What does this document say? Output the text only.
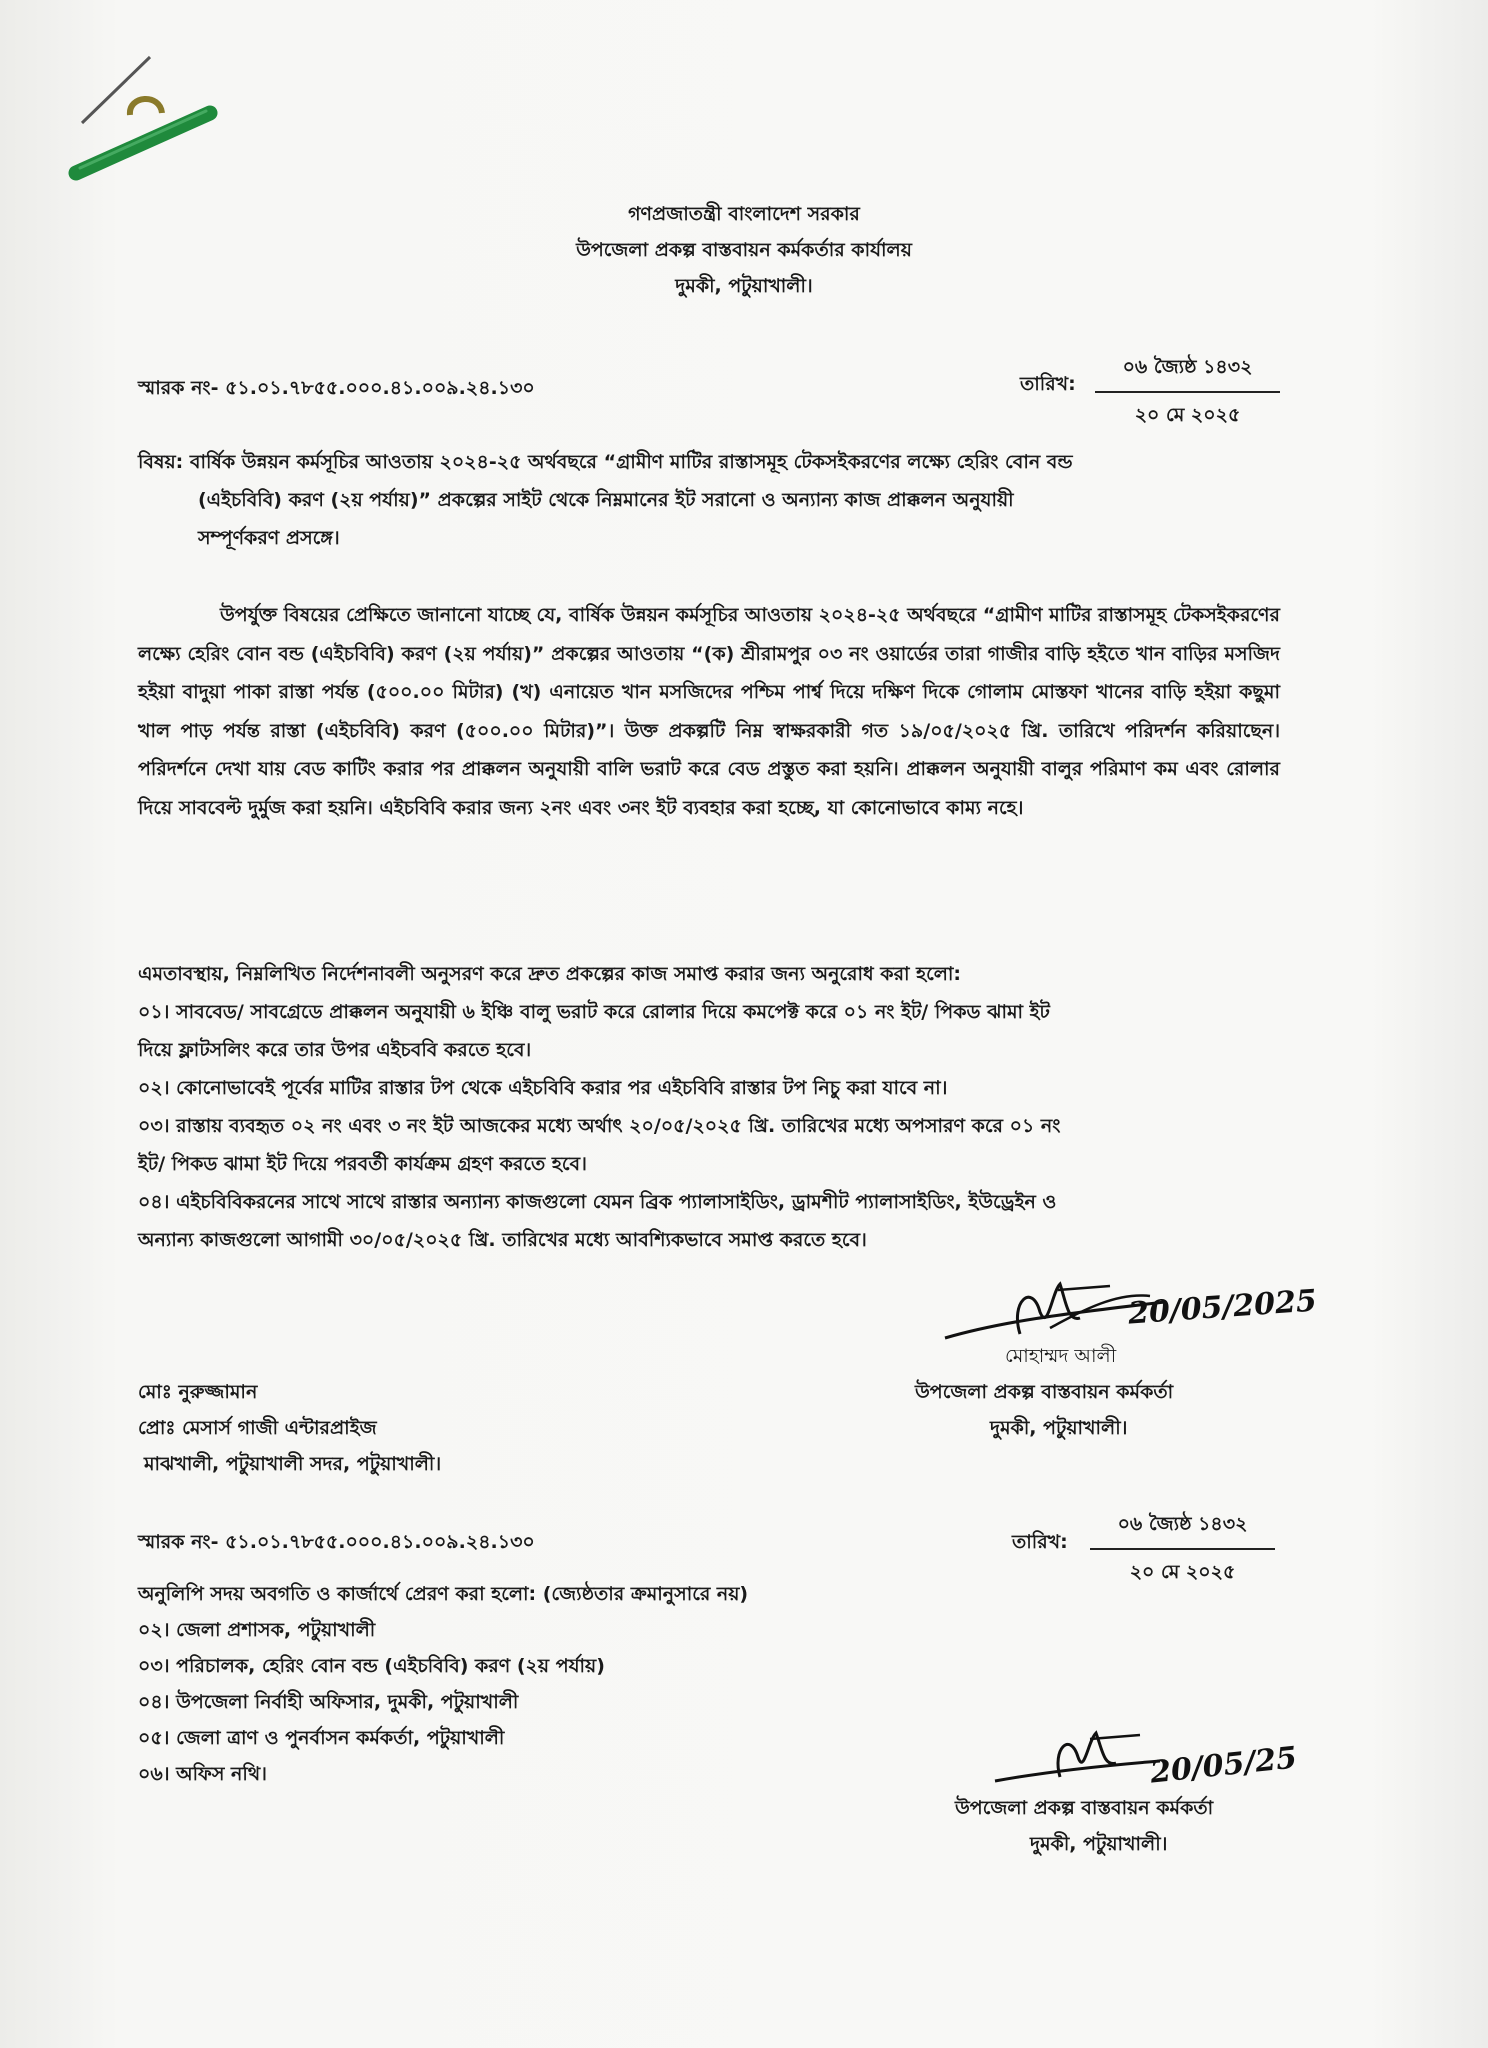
গণপ্রজাতন্ত্রী বাংলাদেশ সরকার
উপজেলা প্রকল্প বাস্তবায়ন কর্মকর্তার কার্যালয়
দুমকী, পটুয়াখালী।
স্মারক নং- ৫১.০১.৭৮৫৫.০০০.৪১.০০৯.২৪.১৩০	তারিখ:
০৬ জ্যৈষ্ঠ ১৪৩২
২০ মে ২০২৫
বিষয়: বার্ষিক উন্নয়ন কর্মসূচির আওতায় ২০২৪-২৫ অর্থবছরে “গ্রামীণ মাটির রাস্তাসমূহ টেকসইকরণের লক্ষ্যে হেরিং বোন বন্ড
(এইচবিবি) করণ (২য় পর্যায়)” প্রকল্পের সাইট থেকে নিম্নমানের ইট সরানো ও অন্যান্য কাজ প্রাক্কলন অনুযায়ী
সম্পূর্ণকরণ প্রসঙ্গে।
উপর্যুক্ত বিষয়ের প্রেক্ষিতে জানানো যাচ্ছে যে, বার্ষিক উন্নয়ন কর্মসূচির আওতায় ২০২৪-২৫ অর্থবছরে “গ্রামীণ মাটির রাস্তাসমূহ টেকসইকরণের লক্ষ্যে হেরিং বোন বন্ড (এইচবিবি) করণ (২য় পর্যায়)” প্রকল্পের আওতায় “(ক) শ্রীরামপুর ০৩ নং ওয়ার্ডের তারা গাজীর বাড়ি হইতে খান বাড়ির মসজিদ হইয়া বাদুয়া পাকা রাস্তা পর্যন্ত (৫০০.০০ মিটার) (খ) এনায়েত খান মসজিদের পশ্চিম পার্শ্ব দিয়ে দক্ষিণ দিকে গোলাম মোস্তফা খানের বাড়ি হইয়া কছুমা খাল পাড় পর্যন্ত রাস্তা (এইচবিবি) করণ (৫০০.০০ মিটার)”। উক্ত প্রকল্পটি নিম্ন স্বাক্ষরকারী গত ১৯/০৫/২০২৫ খ্রি. তারিখে পরিদর্শন করিয়াছেন। পরিদর্শনে দেখা যায় বেড কাটিং করার পর প্রাক্কলন অনুযায়ী বালি ভরাট করে বেড প্রস্তুত করা হয়নি। প্রাক্কলন অনুযায়ী বালুর পরিমাণ কম এবং রোলার দিয়ে সাববেল্ট দুর্মুজ করা হয়নি। এইচবিবি করার জন্য ২নং এবং ৩নং ইট ব্যবহার করা হচ্ছে, যা কোনোভাবে কাম্য নহে।
এমতাবস্থায়, নিম্নলিখিত নির্দেশনাবলী অনুসরণ করে দ্রুত প্রকল্পের কাজ সমাপ্ত করার জন্য অনুরোধ করা হলো:
০১। সাববেড/ সাবগ্রেডে প্রাক্কলন অনুযায়ী ৬ ইঞ্চি বালু ভরাট করে রোলার দিয়ে কমপেক্ট করে ০১ নং ইট/ পিকড ঝামা ইট
দিয়ে ফ্লাটসলিং করে তার উপর এইচববি করতে হবে।
০২। কোনোভাবেই পূর্বের মাটির রাস্তার টপ থেকে এইচবিবি করার পর এইচবিবি রাস্তার টপ নিচু করা যাবে না।
০৩। রাস্তায় ব্যবহৃত ০২ নং এবং ৩ নং ইট আজকের মধ্যে অর্থাৎ ২০/০৫/২০২৫ খ্রি. তারিখের মধ্যে অপসারণ করে ০১ নং
ইট/ পিকড ঝামা ইট দিয়ে পরবর্তী কার্যক্রম গ্রহণ করতে হবে।
০৪। এইচবিবিকরনের সাথে সাথে রাস্তার অন্যান্য কাজগুলো যেমন ব্রিক প্যালাসাইডিং, ড্রামশীট প্যালাসাইডিং, ইউড্রেইন ও
অন্যান্য কাজগুলো আগামী ৩০/০৫/২০২৫ খ্রি. তারিখের মধ্যে আবশ্যিকভাবে সমাপ্ত করতে হবে।
20/05/2025
মোহাম্মদ আলী
উপজেলা প্রকল্প বাস্তবায়ন কর্মকর্তা
দুমকী, পটুয়াখালী।
মোঃ নুরুজ্জামান
প্রোঃ মেসার্স গাজী এন্টারপ্রাইজ
মাঝখালী, পটুয়াখালী সদর, পটুয়াখালী।
স্মারক নং- ৫১.০১.৭৮৫৫.০০০.৪১.০০৯.২৪.১৩০	তারিখ:
০৬ জ্যৈষ্ঠ ১৪৩২
২০ মে ২০২৫
অনুলিপি সদয় অবগতি ও কার্জার্থে প্রেরণ করা হলো: (জ্যেষ্ঠতার ক্রমানুসারে নয়)
০২। জেলা প্রশাসক, পটুয়াখালী
০৩। পরিচালক, হেরিং বোন বন্ড (এইচবিবি) করণ (২য় পর্যায়)
০৪। উপজেলা নির্বাহী অফিসার, দুমকী, পটুয়াখালী
০৫। জেলা ত্রাণ ও পুনর্বাসন কর্মকর্তা, পটুয়াখালী
০৬। অফিস নথি।	20/05/25
উপজেলা প্রকল্প বাস্তবায়ন কর্মকর্তা
দুমকী, পটুয়াখালী।
